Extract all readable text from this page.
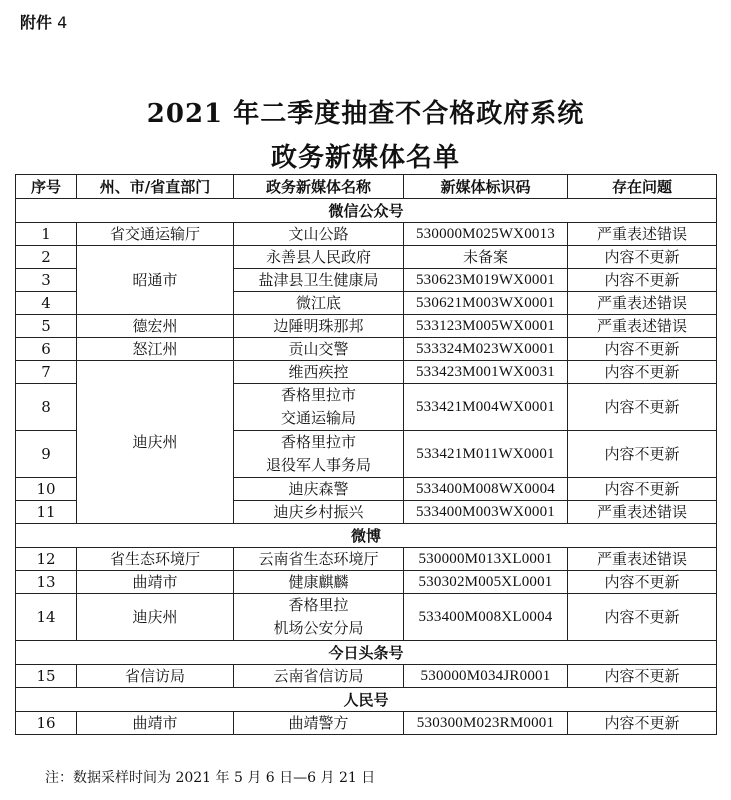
附件 4
2021 年二季度抽查不合格政府系统
政务新媒体名单
序号	州、市/省直部门	政务新媒体名称	新媒体标识码	存在问题
微信公众号				
1	省交通运输厅	文山公路	530000M025WX0013	严重表述错误
2	昭通市	永善县人民政府	未备案	内容不更新
3		盐津县卫生健康局	530623M019WX0001	内容不更新
4		微江底	530621M003WX0001	严重表述错误
5	德宏州	边陲明珠那邦	533123M005WX0001	严重表述错误
6	怒江州	贡山交警	533324M023WX0001	内容不更新
7	迪庆州	维西疾控	533423M001WX0031	内容不更新
8		香格里拉市
交通运输局	533421M004WX0001	内容不更新
9		香格里拉市
退役军人事务局	533421M011WX0001	内容不更新
10		迪庆森警	533400M008WX0004	内容不更新
11		迪庆乡村振兴	533400M003WX0001	严重表述错误
微博				
12	省生态环境厅	云南省生态环境厅	530000M013XL0001	严重表述错误
13	曲靖市	健康麒麟	530302M005XL0001	内容不更新
14	迪庆州	香格里拉
机场公安分局	533400M008XL0004	内容不更新
今日头条号				
15	省信访局	云南省信访局	530000M034JR0001	内容不更新
人民号				
16	曲靖市	曲靖警方	530300M023RM0001	内容不更新
注：数据采样时间为 2021 年 5 月 6 日—6 月 21 日
